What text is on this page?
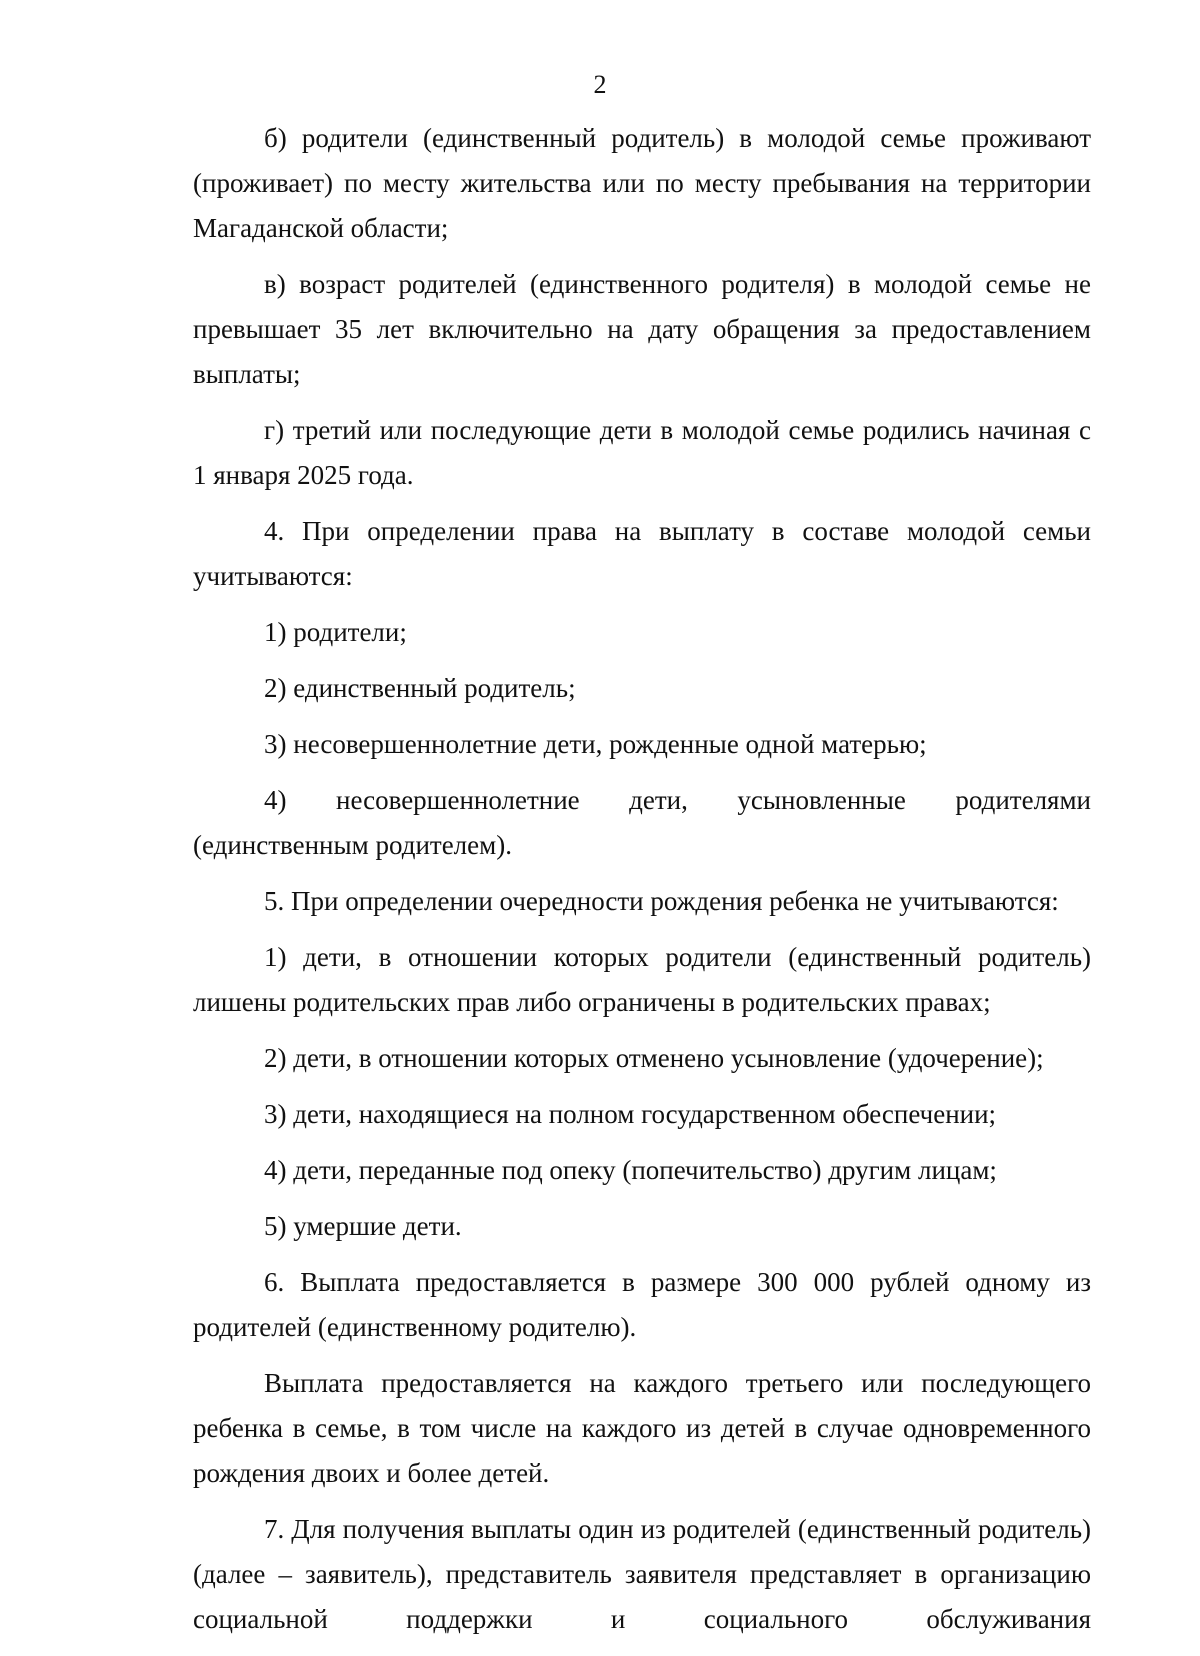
2

б) родители (единственный родитель) в молодой семье проживают (проживает) по месту жительства или по месту пребывания на территории Магаданской области;

в) возраст родителей (единственного родителя) в молодой семье не превышает 35 лет включительно на дату обращения за предоставлением выплаты;

г) третий или последующие дети в молодой семье родились начиная с 1 января 2025 года.

4. При определении права на выплату в составе молодой семьи учитываются:

1) родители;

2) единственный родитель;

3) несовершеннолетние дети, рожденные одной матерью;

4) несовершеннолетние дети, усыновленные родителями (единственным родителем).

5. При определении очередности рождения ребенка не учитываются:

1) дети, в отношении которых родители (единственный родитель) лишены родительских прав либо ограничены в родительских правах;

2) дети, в отношении которых отменено усыновление (удочерение);

3) дети, находящиеся на полном государственном обеспечении;

4) дети, переданные под опеку (попечительство) другим лицам;

5) умершие дети.

6. Выплата предоставляется в размере 300 000 рублей одному из родителей (единственному родителю).

Выплата предоставляется на каждого третьего или последующего ребенка в семье, в том числе на каждого из детей в случае одновременного рождения двоих и более детей.

7. Для получения выплаты один из родителей (единственный родитель) (далее – заявитель), представитель заявителя представляет в организацию социальной поддержки и социального обслуживания
